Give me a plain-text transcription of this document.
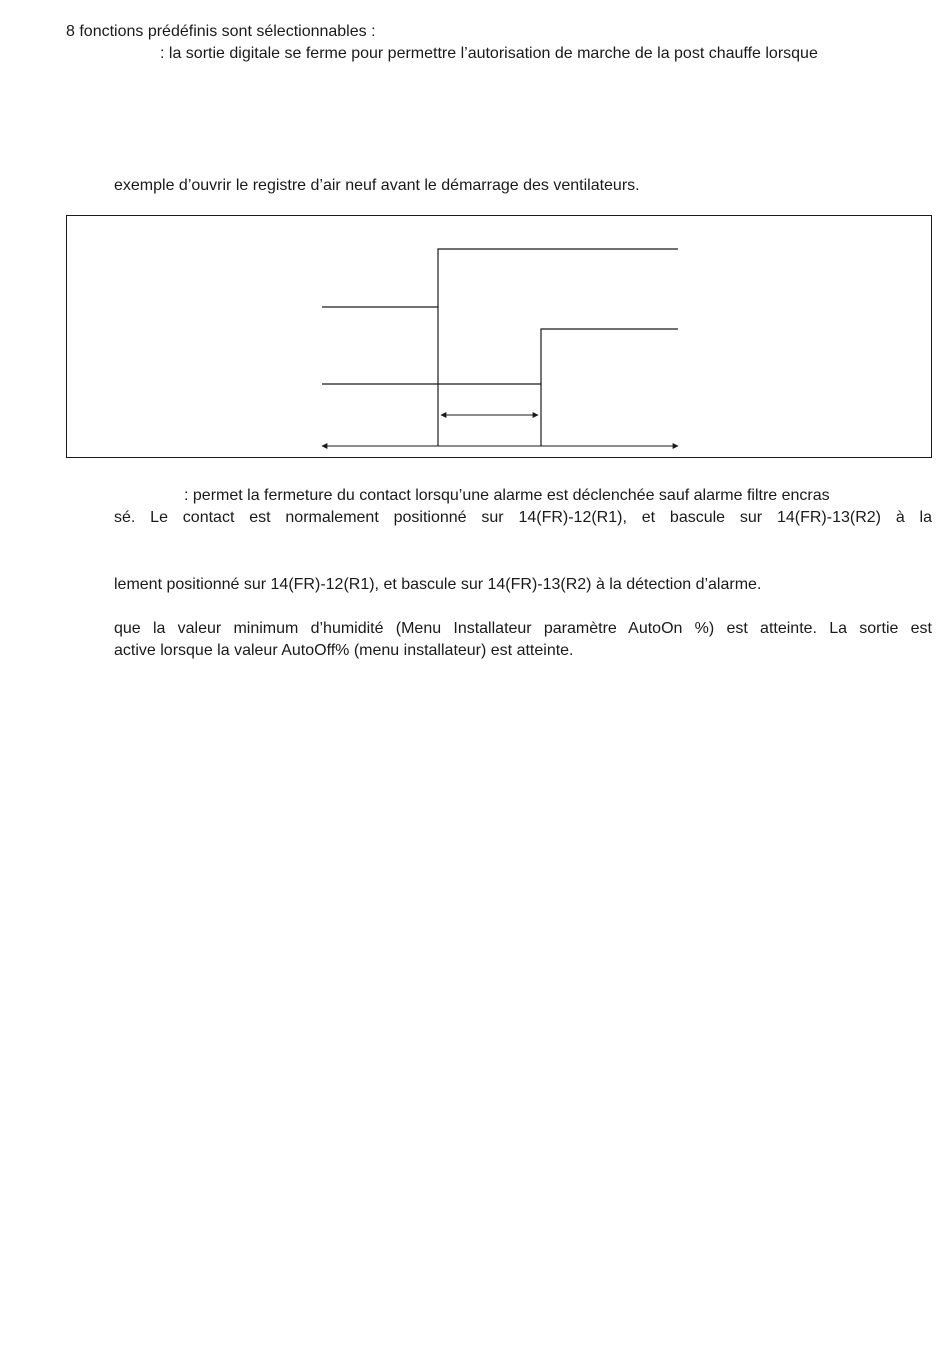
8 fonctions prédéfinis sont sélectionnables :
: la sortie digitale se ferme pour permettre l’autorisation de marche de la post chauffe lorsque
exemple d’ouvrir le registre d’air neuf avant le démarrage des ventilateurs.
: permet la fermeture du contact lorsqu’une alarme est déclenchée sauf alarme filtre encras
sé. Le contact est normalement positionné sur 14(FR)-12(R1), et bascule sur 14(FR)-13(R2) à la
lement positionné sur 14(FR)-12(R1), et bascule sur 14(FR)-13(R2) à la détection d’alarme.
que la valeur minimum d’humidité (Menu Installateur paramètre AutoOn %) est atteinte. La sortie est
active lorsque la valeur AutoOff% (menu installateur) est atteinte.
